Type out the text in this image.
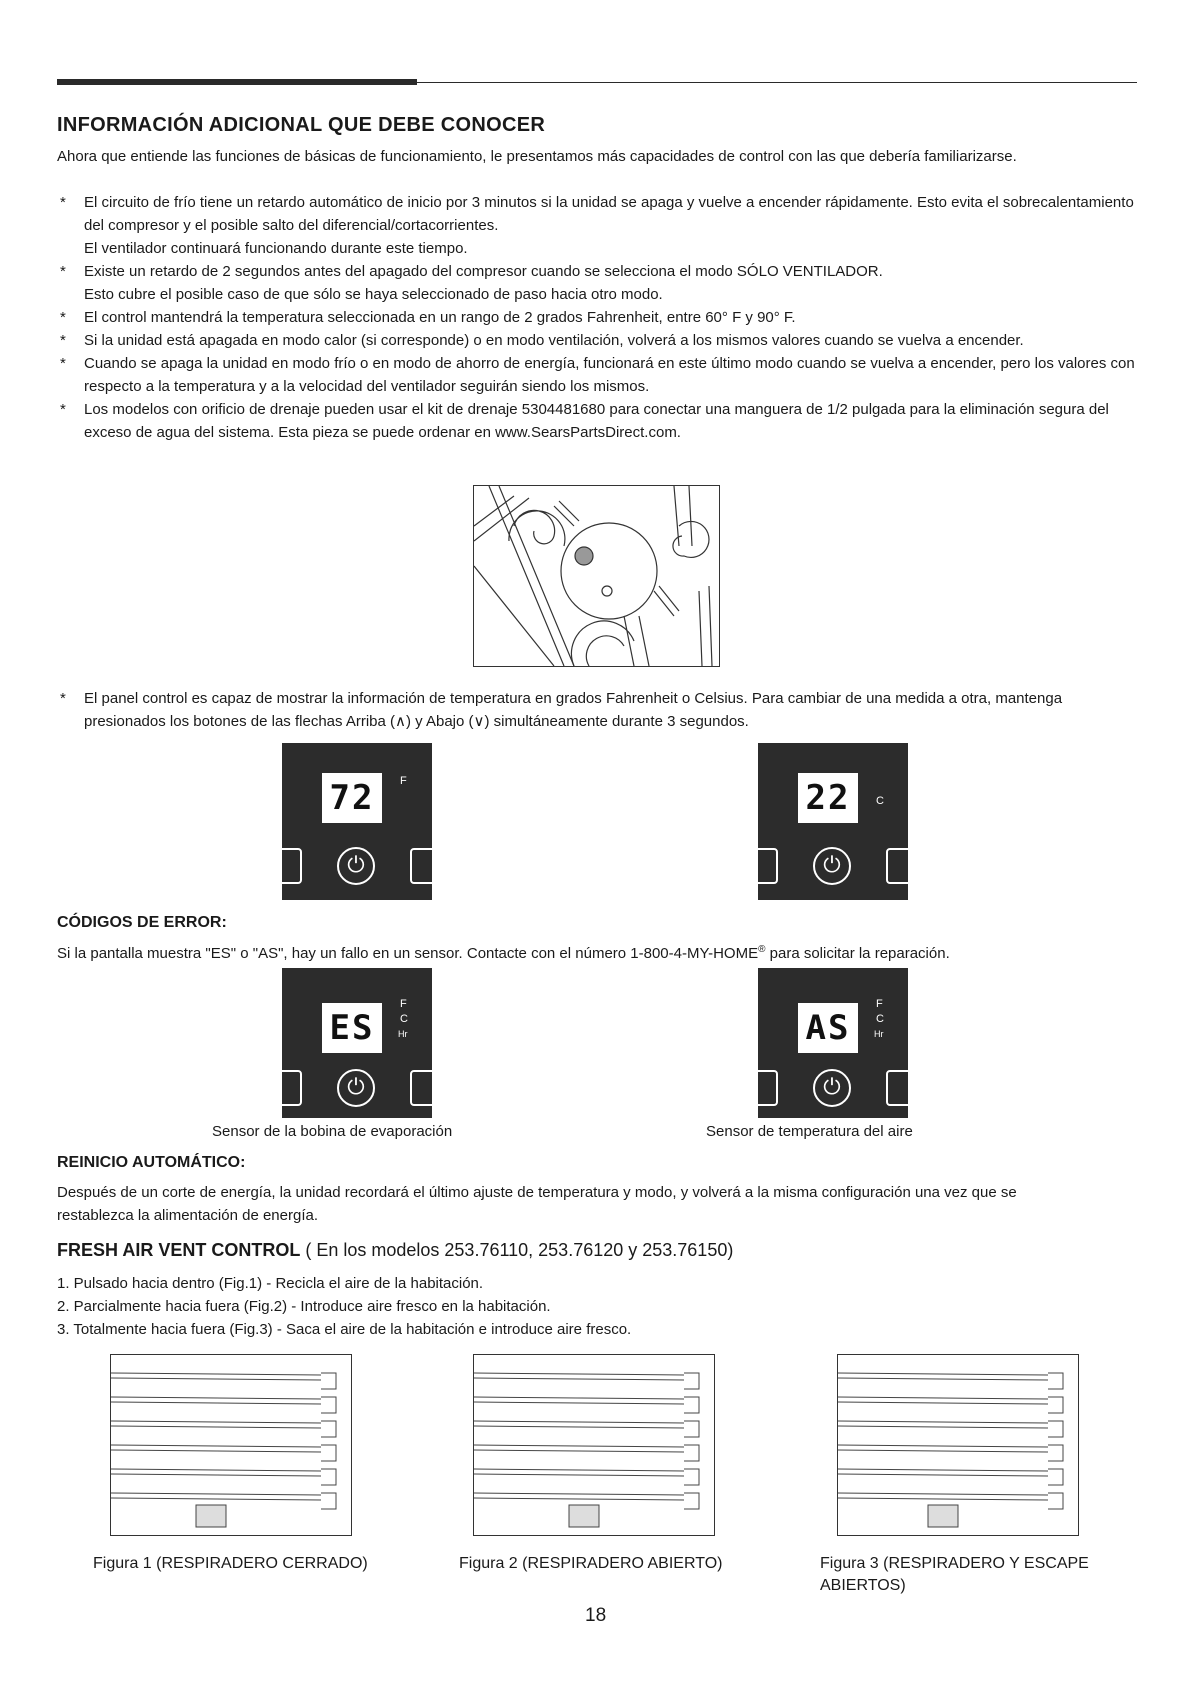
INFORMACIÓN ADICIONAL QUE DEBE CONOCER
Ahora que entiende las funciones de básicas de funcionamiento, le presentamos más capacidades de control con las que debería familiarizarse.
* El circuito de frío tiene un retardo automático de inicio por 3 minutos si la unidad se apaga y vuelve a encender rápidamente. Esto evita el sobrecalentamiento del compresor y el posible salto del diferencial/cortacorrientes.
El ventilador continuará funcionando durante este tiempo.
* Existe un retardo de 2 segundos antes del apagado del compresor cuando se selecciona el modo SÓLO VENTILADOR.
Esto cubre el posible caso de que sólo se haya seleccionado de paso hacia otro modo.
* El control mantendrá la temperatura seleccionada en un rango de 2 grados Fahrenheit, entre 60° F y 90° F.
* Si la unidad está apagada en modo calor (si corresponde) o en modo ventilación, volverá a los mismos valores cuando se vuelva a encender.
* Cuando se apaga la unidad en modo frío o en modo de ahorro de energía, funcionará en este último modo cuando se vuelva a encender, pero los valores con respecto a la temperatura y a la velocidad del ventilador seguirán siendo los mismos.
* Los modelos con orificio de drenaje pueden usar el kit de drenaje 5304481680 para conectar una manguera de 1/2 pulgada para la eliminación segura del exceso de agua del sistema. Esta pieza se puede ordenar en www.SearsPartsDirect.com.
*	El panel control es capaz de mostrar la información de temperatura en grados Fahrenheit o Celsius. Para cambiar de una medida a otra, mantenga presionados los botones de las flechas Arriba (∧) y Abajo (∨) simultáneamente durante 3 segundos.
72	F
⏻
22	C
⏻
CÓDIGOS DE ERROR:
Si la pantalla muestra "ES" o "AS", hay un fallo en un sensor. Contacte con el número 1-800-4-MY-HOME® para solicitar la reparación.
ES
F
C
Hr
⏻
AS
F
C
Hr
⏻
Sensor de la bobina de evaporación	Sensor de temperatura del aire
REINICIO AUTOMÁTICO:
Después de un corte de energía, la unidad recordará el último ajuste de temperatura y modo, y volverá a la misma configuración una vez que se restablezca la alimentación de energía.
FRESH AIR VENT CONTROL ( En los modelos 253.76110, 253.76120 y 253.76150)
1. Pulsado hacia dentro (Fig.1) - Recicla el aire de la habitación.
2. Parcialmente hacia fuera (Fig.2) - Introduce aire fresco en la habitación.
3. Totalmente hacia fuera (Fig.3) - Saca el aire de la habitación e introduce aire fresco.
Figura 1 (RESPIRADERO CERRADO)	Figura 2 (RESPIRADERO ABIERTO)	Figura 3 (RESPIRADERO Y ESCAPE ABIERTOS)
18
